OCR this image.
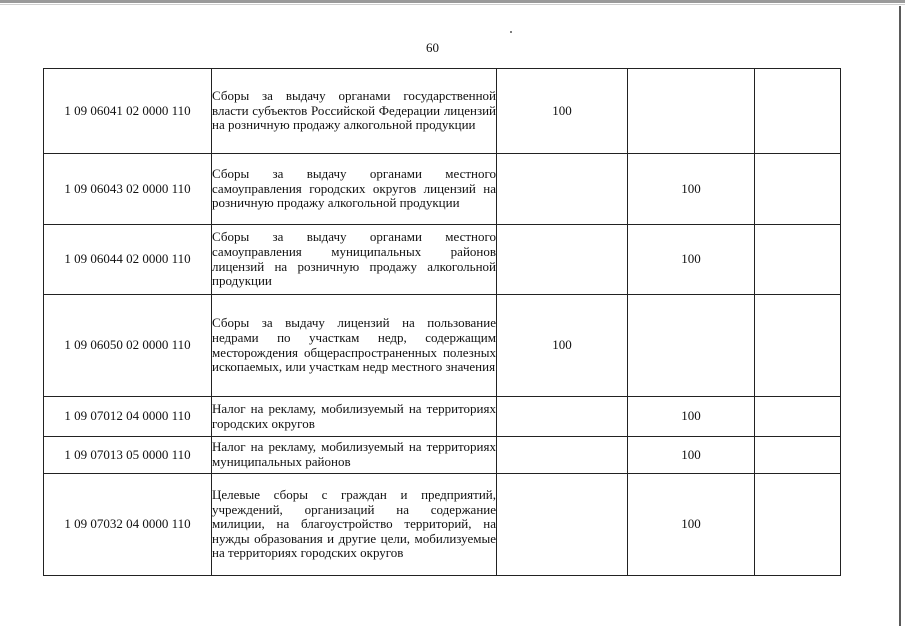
60
1 09 06041 02 0000 110	Сборы за выдачу органами государственной власти субъектов Российской Федерации лицензий на розничную продажу алкогольной продукции	100		
1 09 06043 02 0000 110	Сборы за выдачу органами местного самоуправления городских округов лицензий на розничную продажу алкогольной продукции		100	
1 09 06044 02 0000 110	Сборы за выдачу органами местного самоуправления муниципальных районов лицензий на розничную продажу алкогольной продукции		100	
1 09 06050 02 0000 110	Сборы за выдачу лицензий на пользование недрами по участкам недр, содержащим месторождения общераспространенных полезных ископаемых, или участкам недр местного значения	100		
1 09 07012 04 0000 110	Налог на рекламу, мобилизуемый на территориях городских округов		100	
1 09 07013 05 0000 110	Налог на рекламу, мобилизуемый на территориях муниципальных районов		100	
1 09 07032 04 0000 110	Целевые сборы с граждан и предприятий, учреждений, организаций на содержание милиции, на благоустройство территорий, на нужды образования и другие цели, мобилизуемые на территориях городских округов		100	
